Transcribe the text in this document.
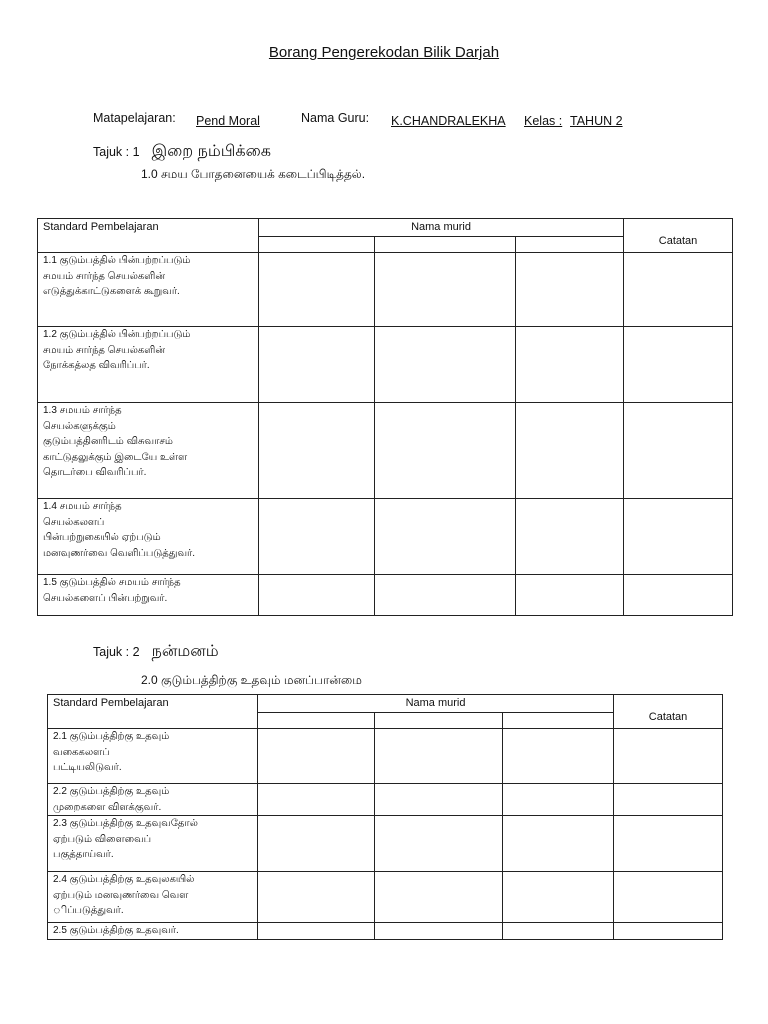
Borang Pengerekodan Bilik Darjah
Matapelajaran: Pend Moral	Nama Guru: K.CHANDRALEKHA Kelas : TAHUN 2
Tajuk : 1 இறை நம்பிக்கை
1.0 சமய போதனையைக் கடைப்பிடித்தல்.
Standard Pembelajaran	Nama murid			Catatan

1.1 குடும்பத்தில் பின்பற்றப்படும்
சமயம் சார்ந்த செயல்களின்
எடுத்துக்காட்டுகளைக் கூறுவர்.				
1.2 குடும்பத்தில் பின்பற்றப்படும்
சமயம் சார்ந்த செயல்களின்
நோக்கத்லத விவரிப்பர்.				
1.3 சமயம் சார்ந்த
செயல்களுக்கும்
குடும்பத்தினரிடம் விசுவாசம்
காட்டுதலுக்கும் இடையே உள்ள
தொடர்பை விவரிப்பர்.				
1.4 சமயம் சார்ந்த
செயல்கலளப்
பின்பற்றுகையில் ஏற்படும்
மனவுணர்வை வெளிப்படுத்துவர்.				
1.5 குடும்பத்தில் சமயம் சார்ந்த
செயல்களைப் பின்பற்றுவர்.				
Tajuk : 2 நன்மனம்
2.0 குடும்பத்திற்கு உதவும் மனப்பான்மை
Standard Pembelajaran	Nama murid			Catatan

2.1 குடும்பத்திற்கு உதவும்
வகைகலளப்
பட்டியலிடுவர்.				
2.2 குடும்பத்திற்கு உதவும்
முறைகளை விளக்குவர்.				
2.3 குடும்பத்திற்கு உதவுவதோல்
ஏற்படும் விளைவைப்
பகுத்தாய்வர்.				
2.4 குடும்பத்திற்கு உதவுலகயில்
ஏற்படும் மனவுணர்வை வெள
ிப்படுத்துவர்.				
2.5 குடும்பத்திற்கு உதவுவர்.				
